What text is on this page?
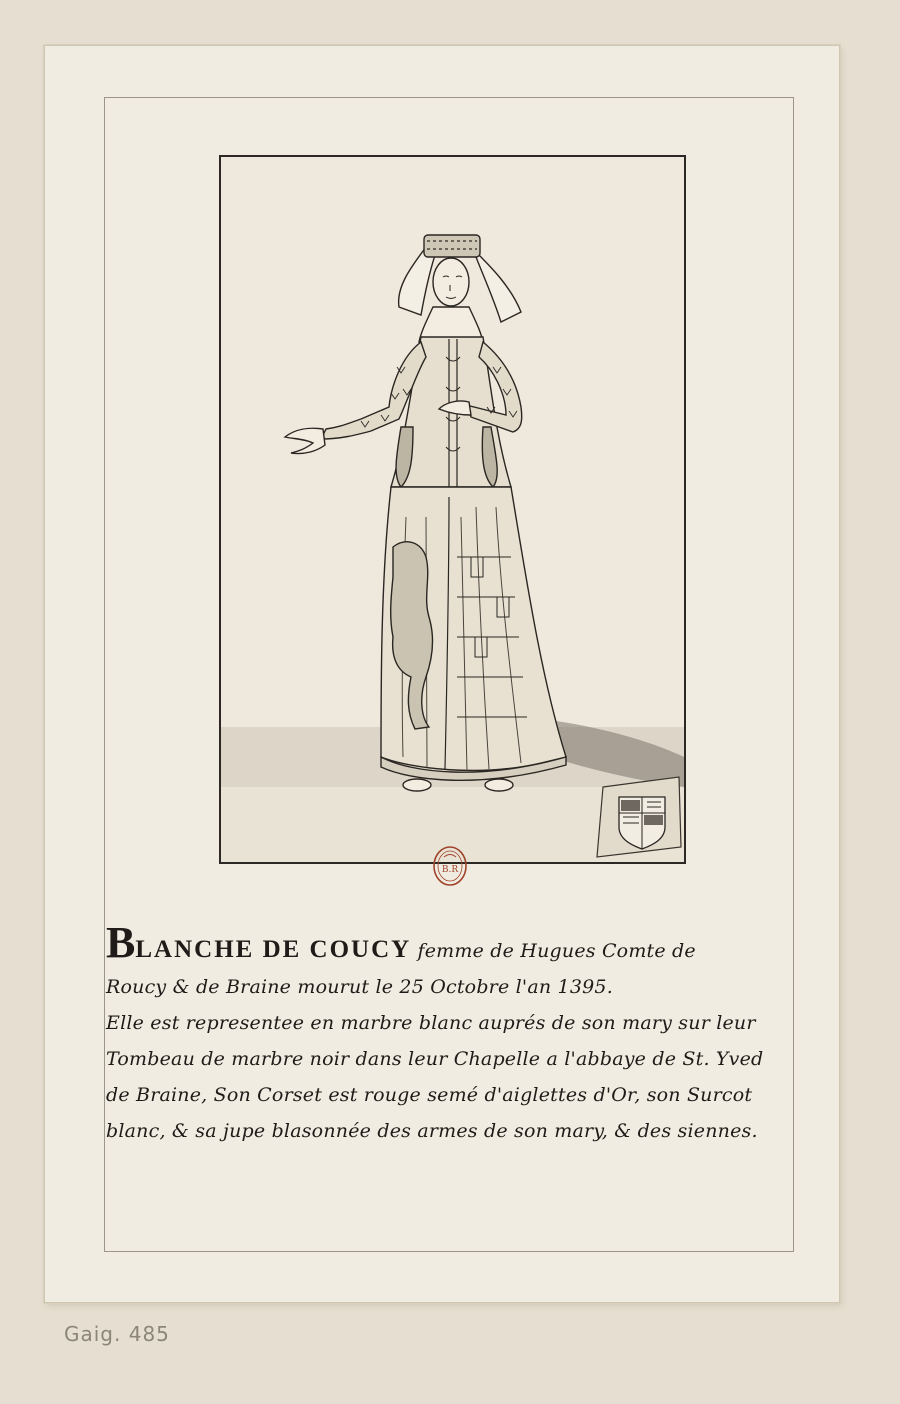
B.R
BLANCHE DE COUCY femme de Hugues Comte de
Roucy & de Braine mourut le 25 Octobre l'an 1395.
Elle est representee en marbre blanc auprés de son mary sur leur
Tombeau de marbre noir dans leur Chapelle a l'abbaye de St. Yved
de Braine, Son Corset est rouge semé d'aiglettes d'Or, son Surcot
blanc, & sa jupe blasonnée des armes de son mary, & des siennes.
Gaig. 485
